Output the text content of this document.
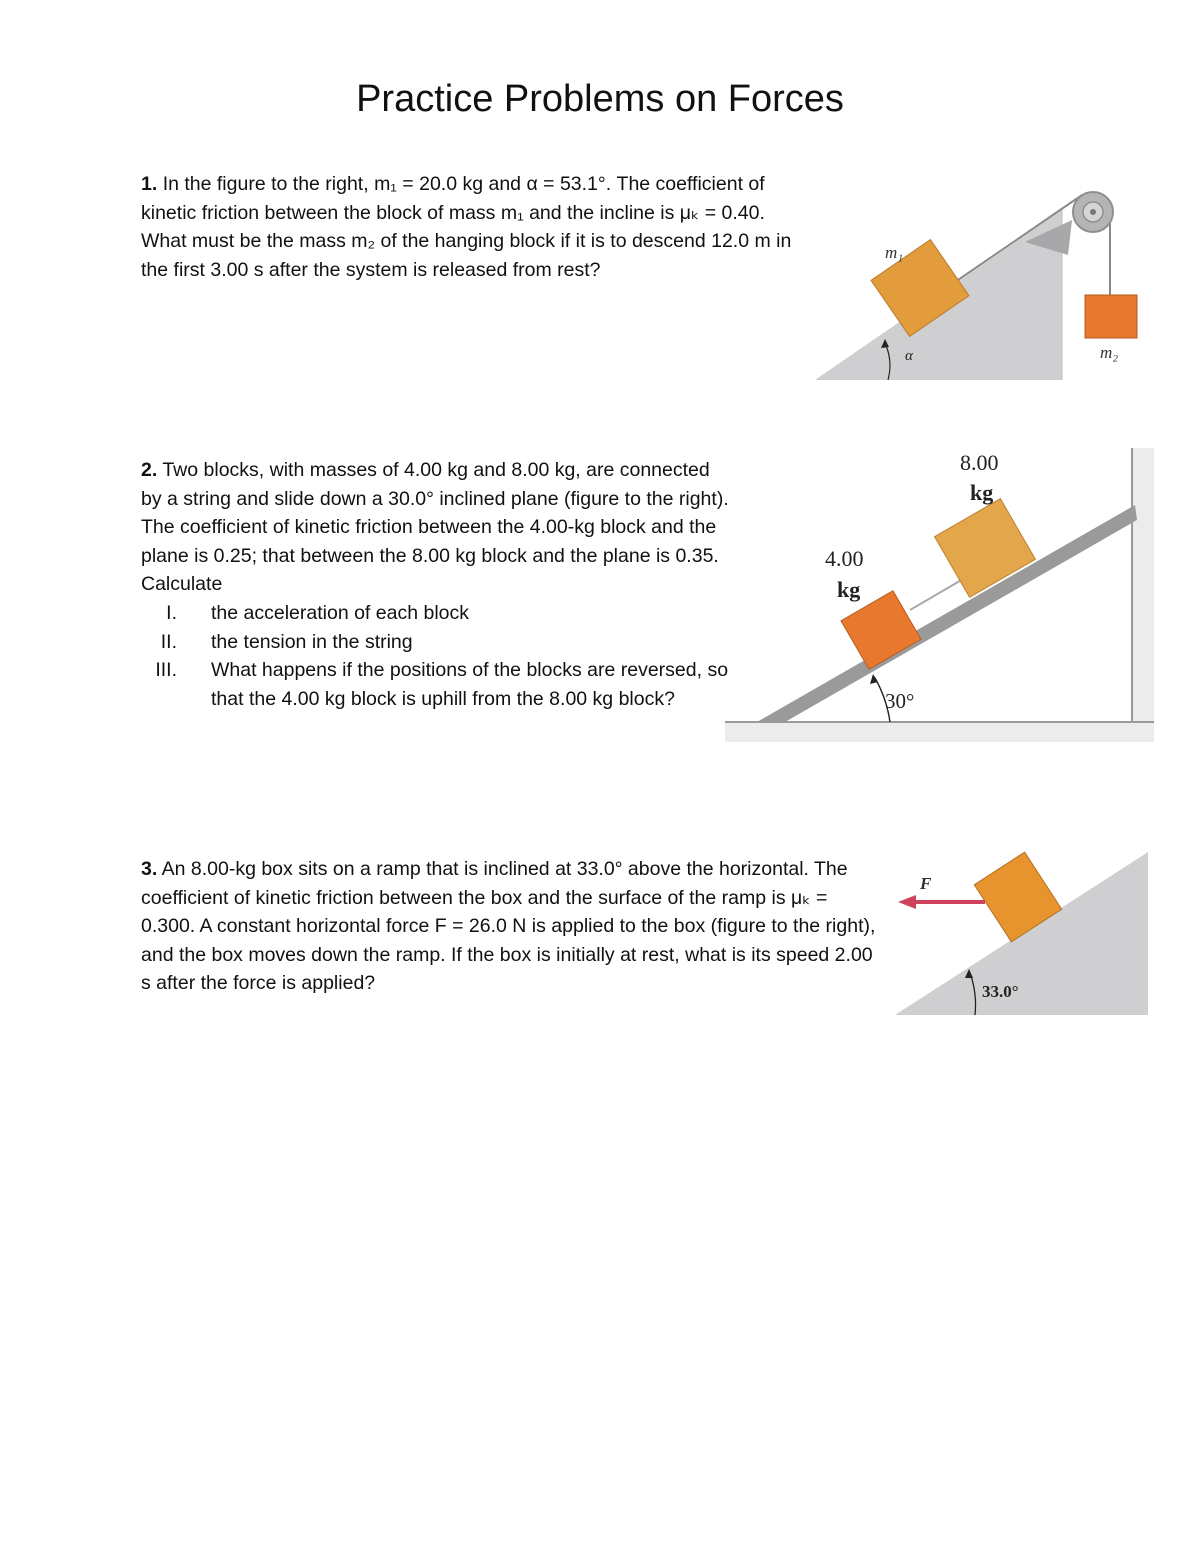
Practice Problems on Forces
1. In the figure to the right, m₁ = 20.0 kg and α = 53.1°. The coefficient of kinetic friction between the block of mass m₁ and the incline is μₖ = 0.40. What must be the mass m₂ of the hanging block if it is to descend 12.0 m in the first 3.00 s after the system is released from rest?
α
m₁
m₂
2. Two blocks, with masses of 4.00 kg and 8.00 kg, are connected by a string and slide down a 30.0° inclined plane (figure to the right). The coefficient of kinetic friction between the 4.00-kg block and the plane is 0.25; that between the 8.00 kg block and the plane is 0.35. Calculate
I. the acceleration of each block
II. the tension in the string
III. What happens if the positions of the blocks are reversed, so that the 4.00 kg block is uphill from the 8.00 kg block?	30°
4.00
kg
8.00
kg
3. An 8.00-kg box sits on a ramp that is inclined at 33.0° above the horizontal. The coefficient of kinetic friction between the box and the surface of the ramp is μₖ = 0.300. A constant horizontal force F = 26.0 N is applied to the box (figure to the right), and the box moves down the ramp. If the box is initially at rest, what is its speed 2.00 s after the force is applied?
F
33.0°
